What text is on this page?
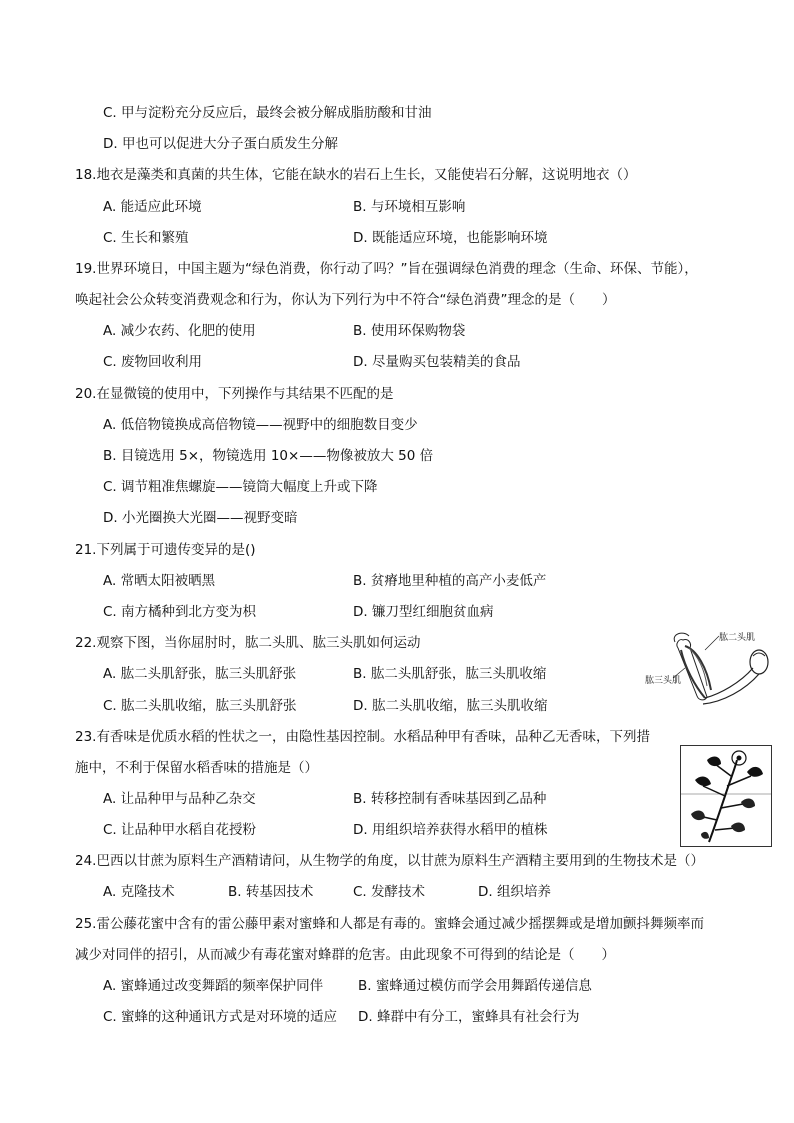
C. 甲与淀粉充分反应后，最终会被分解成脂肪酸和甘油
D. 甲也可以促进大分子蛋白质发生分解
18.地衣是藻类和真菌的共生体，它能在缺水的岩石上生长，又能使岩石分解，这说明地衣（）
A. 能适应此环境	B. 与环境相互影响
C. 生长和繁殖	D. 既能适应环境，也能影响环境
19.世界环境日，中国主题为“绿色消费，你行动了吗？”旨在强调绿色消费的理念（生命、环保、节能），
唤起社会公众转变消费观念和行为，你认为下列行为中不符合“绿色消费”理念的是（　　）
A. 减少农药、化肥的使用	B. 使用环保购物袋
C. 废物回收利用	D. 尽量购买包装精美的食品
20.在显微镜的使用中，下列操作与其结果不匹配的是
A. 低倍物镜换成高倍物镜——视野中的细胞数目变少
B. 目镜选用 5×，物镜选用 10×——物像被放大 50 倍
C. 调节粗准焦螺旋——镜筒大幅度上升或下降
D. 小光圈换大光圈——视野变暗
21.下列属于可遗传变异的是()
A. 常晒太阳被晒黑	B. 贫瘠地里种植的高产小麦低产
C. 南方橘种到北方变为枳	D. 镰刀型红细胞贫血病
22.观察下图，当你屈肘时，肱二头肌、肱三头肌如何运动
A. 肱二头肌舒张，肱三头肌舒张	B. 肱二头肌舒张，肱三头肌收缩
C. 肱二头肌收缩，肱三头肌舒张	D. 肱二头肌收缩，肱三头肌收缩
肱二头肌
肱三头肌
23.有香味是优质水稻的性状之一，由隐性基因控制。水稻品种甲有香味，品种乙无香味，下列措
施中，不利于保留水稻香味的措施是（）
A. 让品种甲与品种乙杂交	B. 转移控制有香味基因到乙品种
C. 让品种甲水稻自花授粉	D. 用组织培养获得水稻甲的植株
24.巴西以甘蔗为原料生产酒精请问，从生物学的角度，以甘蔗为原料生产酒精主要用到的生物技术是（）
A. 克隆技术	B. 转基因技术	C. 发酵技术	D. 组织培养
25.雷公藤花蜜中含有的雷公藤甲素对蜜蜂和人都是有毒的。蜜蜂会通过减少摇摆舞或是增加颤抖舞频率而
减少对同伴的招引，从而减少有毒花蜜对蜂群的危害。由此现象不可得到的结论是（　　）
A. 蜜蜂通过改变舞蹈的频率保护同伴	B. 蜜蜂通过模仿而学会用舞蹈传递信息
C. 蜜蜂的这种通讯方式是对环境的适应 D. 蜂群中有分工，蜜蜂具有社会行为
